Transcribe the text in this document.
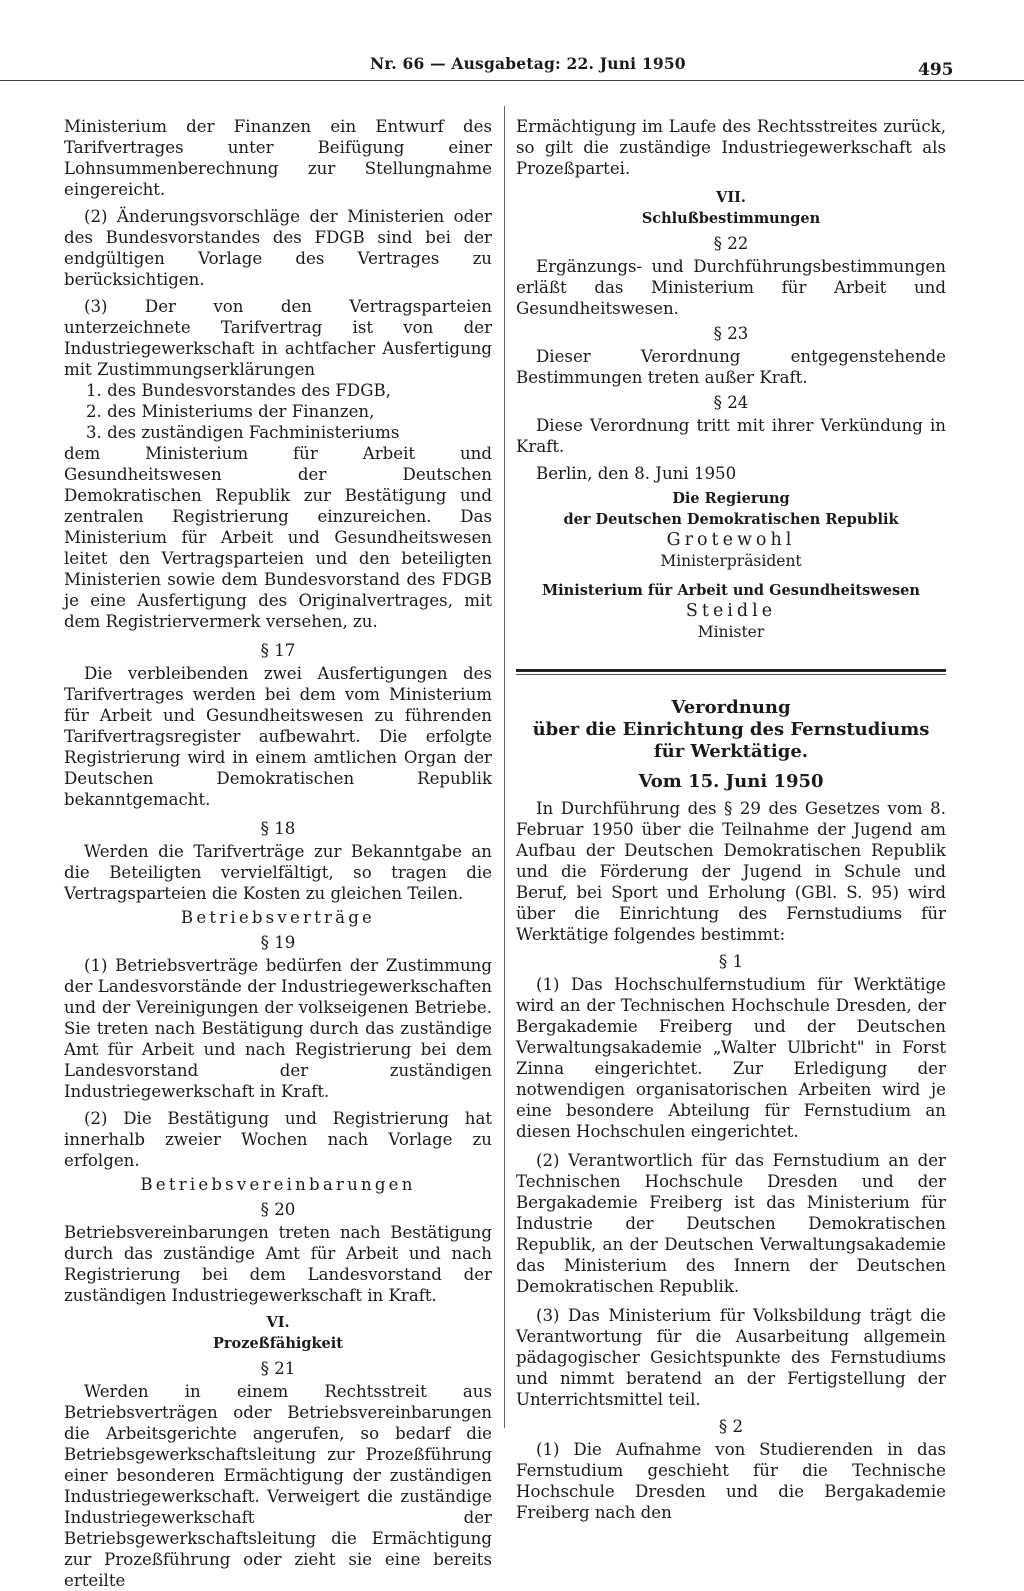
Nr. 66 — Ausgabetag: 22. Juni 1950	495

Ministerium der Finanzen ein Entwurf des Tarifvertrages unter Beifügung einer Lohnsummenberechnung zur Stellungnahme eingereicht.

(2) Änderungsvorschläge der Ministerien oder des Bundesvorstandes des FDGB sind bei der endgültigen Vorlage des Vertrages zu berücksichtigen.

(3) Der von den Vertragsparteien unterzeichnete Tarifvertrag ist von der Industriegewerkschaft in achtfacher Ausfertigung mit Zustimmungserklärungen

1. des Bundesvorstandes des FDGB,
2. des Ministeriums der Finanzen,
3. des zuständigen Fachministeriums

dem Ministerium für Arbeit und Gesundheitswesen der Deutschen Demokratischen Republik zur Bestätigung und zentralen Registrierung einzureichen. Das Ministerium für Arbeit und Gesundheitswesen leitet den Vertragsparteien und den beteiligten Ministerien sowie dem Bundesvorstand des FDGB je eine Ausfertigung des Originalvertrages, mit dem Registriervermerk versehen, zu.

§ 17

Die verbleibenden zwei Ausfertigungen des Tarifvertrages werden bei dem vom Ministerium für Arbeit und Gesundheitswesen zu führenden Tarifvertragsregister aufbewahrt. Die erfolgte Registrierung wird in einem amtlichen Organ der Deutschen Demokratischen Republik bekanntgemacht.

§ 18

Werden die Tarifverträge zur Bekanntgabe an die Beteiligten vervielfältigt, so tragen die Vertragsparteien die Kosten zu gleichen Teilen.

Betriebsverträge

§ 19

(1) Betriebsverträge bedürfen der Zustimmung der Landesvorstände der Industriegewerkschaften und der Vereinigungen der volkseigenen Betriebe. Sie treten nach Bestätigung durch das zuständige Amt für Arbeit und nach Registrierung bei dem Landesvorstand der zuständigen Industriegewerkschaft in Kraft.

(2) Die Bestätigung und Registrierung hat innerhalb zweier Wochen nach Vorlage zu erfolgen.

Betriebsvereinbarungen

§ 20

Betriebsvereinbarungen treten nach Bestätigung durch das zuständige Amt für Arbeit und nach Registrierung bei dem Landesvorstand der zuständigen Industriegewerkschaft in Kraft.

VI.

Prozeßfähigkeit

§ 21

Werden in einem Rechtsstreit aus Betriebsverträgen oder Betriebsvereinbarungen die Arbeitsgerichte angerufen, so bedarf die Betriebsgewerkschaftsleitung zur Prozeßführung einer besonderen Ermächtigung der zuständigen Industriegewerkschaft. Verweigert die zuständige Industriegewerkschaft der Betriebsgewerkschaftsleitung die Ermächtigung zur Prozeßführung oder zieht sie eine bereits erteilte

Ermächtigung im Laufe des Rechtsstreites zurück, so gilt die zuständige Industriegewerkschaft als Prozeßpartei.

VII.

Schlußbestimmungen

§ 22

Ergänzungs- und Durchführungsbestimmungen erläßt das Ministerium für Arbeit und Gesundheitswesen.

§ 23

Dieser Verordnung entgegenstehende Bestimmungen treten außer Kraft.

§ 24

Diese Verordnung tritt mit ihrer Verkündung in Kraft.

Berlin, den 8. Juni 1950

Die Regierung

der Deutschen Demokratischen Republik

Grotewohl

Ministerpräsident

Ministerium für Arbeit und Gesundheitswesen

Steidle

Minister

Verordnung

über die Einrichtung des Fernstudiums

für Werktätige.

Vom 15. Juni 1950

In Durchführung des § 29 des Gesetzes vom 8. Februar 1950 über die Teilnahme der Jugend am Aufbau der Deutschen Demokratischen Republik und die Förderung der Jugend in Schule und Beruf, bei Sport und Erholung (GBl. S. 95) wird über die Einrichtung des Fernstudiums für Werktätige folgendes bestimmt:

§ 1

(1) Das Hochschulfernstudium für Werktätige wird an der Technischen Hochschule Dresden, der Bergakademie Freiberg und der Deutschen Verwaltungsakademie „Walter Ulbricht" in Forst Zinna eingerichtet. Zur Erledigung der notwendigen organisatorischen Arbeiten wird je eine besondere Abteilung für Fernstudium an diesen Hochschulen eingerichtet.

(2) Verantwortlich für das Fernstudium an der Technischen Hochschule Dresden und der Bergakademie Freiberg ist das Ministerium für Industrie der Deutschen Demokratischen Republik, an der Deutschen Verwaltungsakademie das Ministerium des Innern der Deutschen Demokratischen Republik.

(3) Das Ministerium für Volksbildung trägt die Verantwortung für die Ausarbeitung allgemein pädagogischer Gesichtspunkte des Fernstudiums und nimmt beratend an der Fertigstellung der Unterrichtsmittel teil.

§ 2

(1) Die Aufnahme von Studierenden in das Fernstudium geschieht für die Technische Hochschule Dresden und die Bergakademie Freiberg nach den
